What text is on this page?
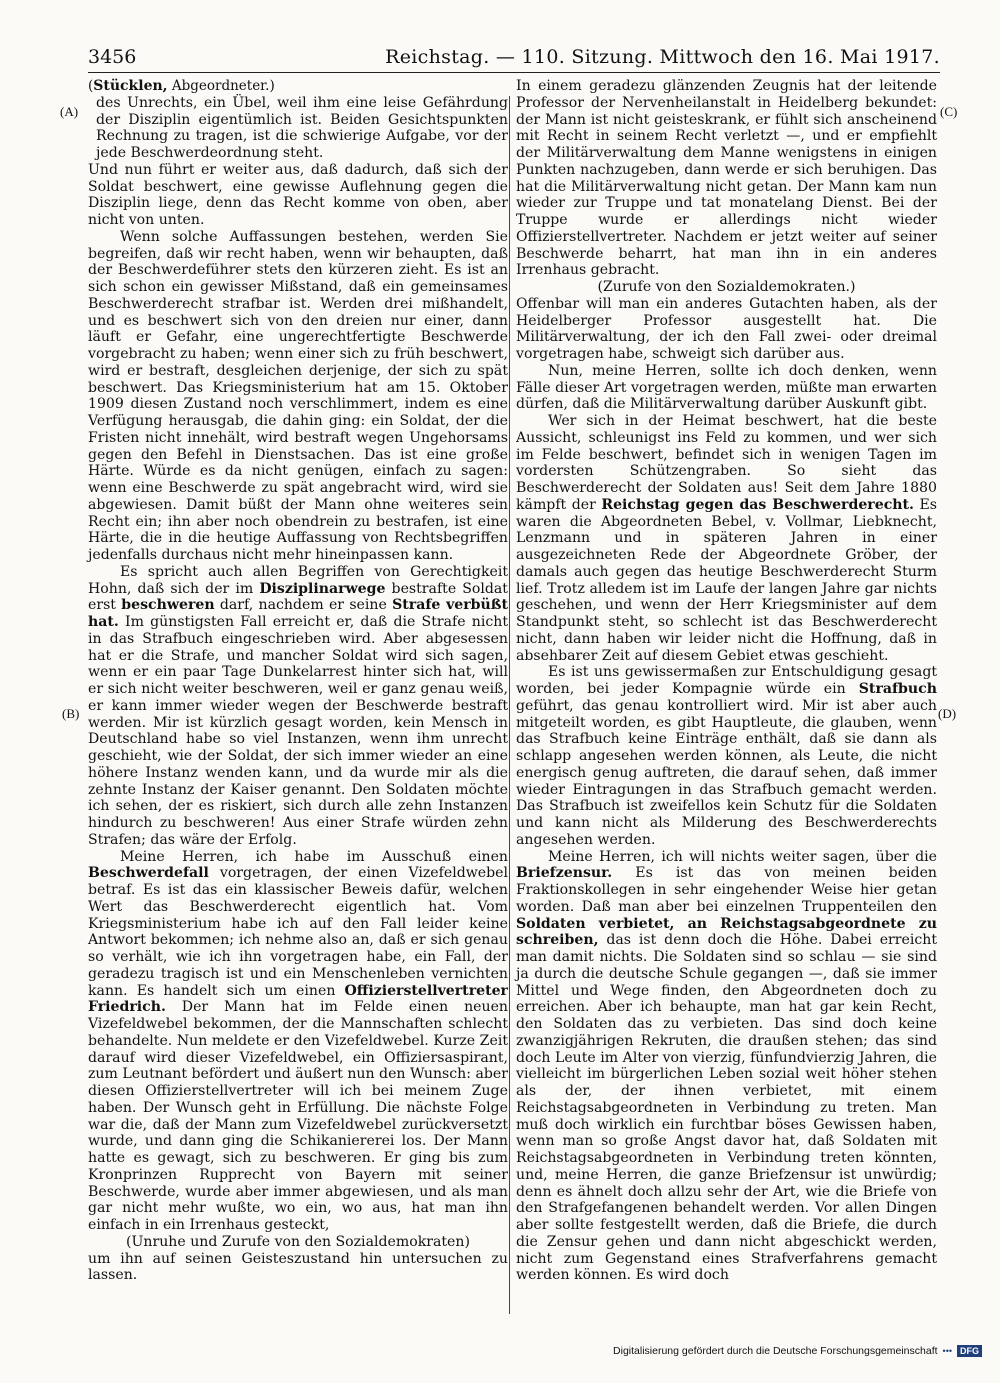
3456	Reichstag. — 110. Sitzung. Mittwoch den 16. Mai 1917.
(A)
(B)
(C)
(D)

(Stücklen, Abgeordneter.)

des Unrechts, ein Übel, weil ihm eine leise Gefährdung der Disziplin eigentümlich ist. Beiden Gesichtspunkten Rechnung zu tragen, ist die schwierige Aufgabe, vor der jede Beschwerdeordnung steht.

Und nun führt er weiter aus, daß dadurch, daß sich der Soldat beschwert, eine gewisse Auflehnung gegen die Disziplin liege, denn das Recht komme von oben, aber nicht von unten.

Wenn solche Auffassungen bestehen, werden Sie begreifen, daß wir recht haben, wenn wir behaupten, daß der Beschwerdeführer stets den kürzeren zieht. Es ist an sich schon ein gewisser Mißstand, daß ein gemeinsames Beschwerderecht strafbar ist. Werden drei mißhandelt, und es beschwert sich von den dreien nur einer, dann läuft er Gefahr, eine ungerechtfertigte Beschwerde vorgebracht zu haben; wenn einer sich zu früh beschwert, wird er bestraft, desgleichen derjenige, der sich zu spät beschwert. Das Kriegsministerium hat am 15. Oktober 1909 diesen Zustand noch verschlimmert, indem es eine Verfügung herausgab, die dahin ging: ein Soldat, der die Fristen nicht innehält, wird bestraft wegen Ungehorsams gegen den Befehl in Dienstsachen. Das ist eine große Härte. Würde es da nicht genügen, einfach zu sagen: wenn eine Beschwerde zu spät angebracht wird, wird sie abgewiesen. Damit büßt der Mann ohne weiteres sein Recht ein; ihn aber noch obendrein zu bestrafen, ist eine Härte, die in die heutige Auffassung von Rechtsbegriffen jedenfalls durchaus nicht mehr hineinpassen kann.

Es spricht auch allen Begriffen von Gerechtigkeit Hohn, daß sich der im Disziplinarwege bestrafte Soldat erst beschweren darf, nachdem er seine Strafe verbüßt hat. Im günstigsten Fall erreicht er, daß die Strafe nicht in das Strafbuch eingeschrieben wird. Aber abgesessen hat er die Strafe, und mancher Soldat wird sich sagen, wenn er ein paar Tage Dunkelarrest hinter sich hat, will er sich nicht weiter beschweren, weil er ganz genau weiß, er kann immer wieder wegen der Beschwerde bestraft werden. Mir ist kürzlich gesagt worden, kein Mensch in Deutschland habe so viel Instanzen, wenn ihm unrecht geschieht, wie der Soldat, der sich immer wieder an eine höhere Instanz wenden kann, und da wurde mir als die zehnte Instanz der Kaiser genannt. Den Soldaten möchte ich sehen, der es riskiert, sich durch alle zehn Instanzen hindurch zu beschweren! Aus einer Strafe würden zehn Strafen; das wäre der Erfolg.

Meine Herren, ich habe im Ausschuß einen Beschwerdefall vorgetragen, der einen Vizefeldwebel betraf. Es ist das ein klassischer Beweis dafür, welchen Wert das Beschwerderecht eigentlich hat. Vom Kriegsministerium habe ich auf den Fall leider keine Antwort bekommen; ich nehme also an, daß er sich genau so verhält, wie ich ihn vorgetragen habe, ein Fall, der geradezu tragisch ist und ein Menschenleben vernichten kann. Es handelt sich um einen Offizierstellvertreter Friedrich. Der Mann hat im Felde einen neuen Vizefeldwebel bekommen, der die Mannschaften schlecht behandelte. Nun meldete er den Vizefeldwebel. Kurze Zeit darauf wird dieser Vizefeldwebel, ein Offiziersaspirant, zum Leutnant befördert und äußert nun den Wunsch: aber diesen Offizierstellvertreter will ich bei meinem Zuge haben. Der Wunsch geht in Erfüllung. Die nächste Folge war die, daß der Mann zum Vizefeldwebel zurückversetzt wurde, und dann ging die Schikaniererei los. Der Mann hatte es gewagt, sich zu beschweren. Er ging bis zum Kronprinzen Rupprecht von Bayern mit seiner Beschwerde, wurde aber immer abgewiesen, und als man gar nicht mehr wußte, wo ein, wo aus, hat man ihn einfach in ein Irrenhaus gesteckt,

(Unruhe und Zurufe von den Sozialdemokraten)

um ihn auf seinen Geisteszustand hin untersuchen zu lassen.

In einem geradezu glänzenden Zeugnis hat der leitende Professor der Nervenheilanstalt in Heidelberg bekundet: der Mann ist nicht geisteskrank, er fühlt sich anscheinend mit Recht in seinem Recht verletzt —, und er empfiehlt der Militärverwaltung dem Manne wenigstens in einigen Punkten nachzugeben, dann werde er sich beruhigen. Das hat die Militärverwaltung nicht getan. Der Mann kam nun wieder zur Truppe und tat monatelang Dienst. Bei der Truppe wurde er allerdings nicht wieder Offizierstellvertreter. Nachdem er jetzt weiter auf seiner Beschwerde beharrt, hat man ihn in ein anderes Irrenhaus gebracht.

(Zurufe von den Sozialdemokraten.)

Offenbar will man ein anderes Gutachten haben, als der Heidelberger Professor ausgestellt hat. Die Militärverwaltung, der ich den Fall zwei- oder dreimal vorgetragen habe, schweigt sich darüber aus.

Nun, meine Herren, sollte ich doch denken, wenn Fälle dieser Art vorgetragen werden, müßte man erwarten dürfen, daß die Militärverwaltung darüber Auskunft gibt.

Wer sich in der Heimat beschwert, hat die beste Aussicht, schleunigst ins Feld zu kommen, und wer sich im Felde beschwert, befindet sich in wenigen Tagen im vordersten Schützengraben. So sieht das Beschwerderecht der Soldaten aus! Seit dem Jahre 1880 kämpft der Reichstag gegen das Beschwerderecht. Es waren die Abgeordneten Bebel, v. Vollmar, Liebknecht, Lenzmann und in späteren Jahren in einer ausgezeichneten Rede der Abgeordnete Gröber, der damals auch gegen das heutige Beschwerderecht Sturm lief. Trotz alledem ist im Laufe der langen Jahre gar nichts geschehen, und wenn der Herr Kriegsminister auf dem Standpunkt steht, so schlecht ist das Beschwerderecht nicht, dann haben wir leider nicht die Hoffnung, daß in absehbarer Zeit auf diesem Gebiet etwas geschieht.

Es ist uns gewissermaßen zur Entschuldigung gesagt worden, bei jeder Kompagnie würde ein Strafbuch geführt, das genau kontrolliert wird. Mir ist aber auch mitgeteilt worden, es gibt Hauptleute, die glauben, wenn das Strafbuch keine Einträge enthält, daß sie dann als schlapp angesehen werden können, als Leute, die nicht energisch genug auftreten, die darauf sehen, daß immer wieder Eintragungen in das Strafbuch gemacht werden. Das Strafbuch ist zweifellos kein Schutz für die Soldaten und kann nicht als Milderung des Beschwerderechts angesehen werden.

Meine Herren, ich will nichts weiter sagen, über die Briefzensur. Es ist das von meinen beiden Fraktionskollegen in sehr eingehender Weise hier getan worden. Daß man aber bei einzelnen Truppenteilen den Soldaten verbietet, an Reichstagsabgeordnete zu schreiben, das ist denn doch die Höhe. Dabei erreicht man damit nichts. Die Soldaten sind so schlau — sie sind ja durch die deutsche Schule gegangen —, daß sie immer Mittel und Wege finden, den Abgeordneten doch zu erreichen. Aber ich behaupte, man hat gar kein Recht, den Soldaten das zu verbieten. Das sind doch keine zwanzigjährigen Rekruten, die draußen stehen; das sind doch Leute im Alter von vierzig, fünfundvierzig Jahren, die vielleicht im bürgerlichen Leben sozial weit höher stehen als der, der ihnen verbietet, mit einem Reichstagsabgeordneten in Verbindung zu treten. Man muß doch wirklich ein furchtbar böses Gewissen haben, wenn man so große Angst davor hat, daß Soldaten mit Reichstagsabgeordneten in Verbindung treten könnten, und, meine Herren, die ganze Briefzensur ist unwürdig; denn es ähnelt doch allzu sehr der Art, wie die Briefe von den Strafgefangenen behandelt werden. Vor allen Dingen aber sollte festgestellt werden, daß die Briefe, die durch die Zensur gehen und dann nicht abgeschickt werden, nicht zum Gegenstand eines Strafverfahrens gemacht werden können. Es wird doch

Digitalisierung gefördert durch die Deutsche Forschungsgemeinschaft ••• DFG
